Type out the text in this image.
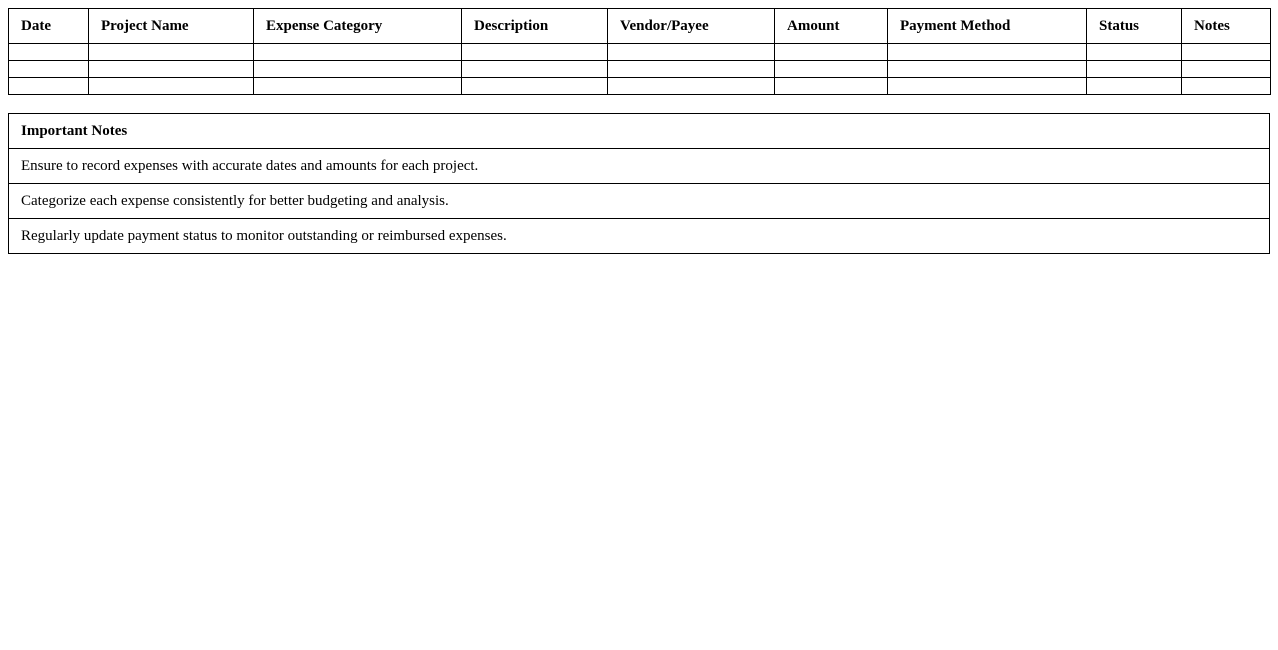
Date	Project Name	Expense Category	Description	Vendor/Payee	Amount	Payment Method	Status	Notes

Important Notes
Ensure to record expenses with accurate dates and amounts for each project.
Categorize each expense consistently for better budgeting and analysis.
Regularly update payment status to monitor outstanding or reimbursed expenses.
